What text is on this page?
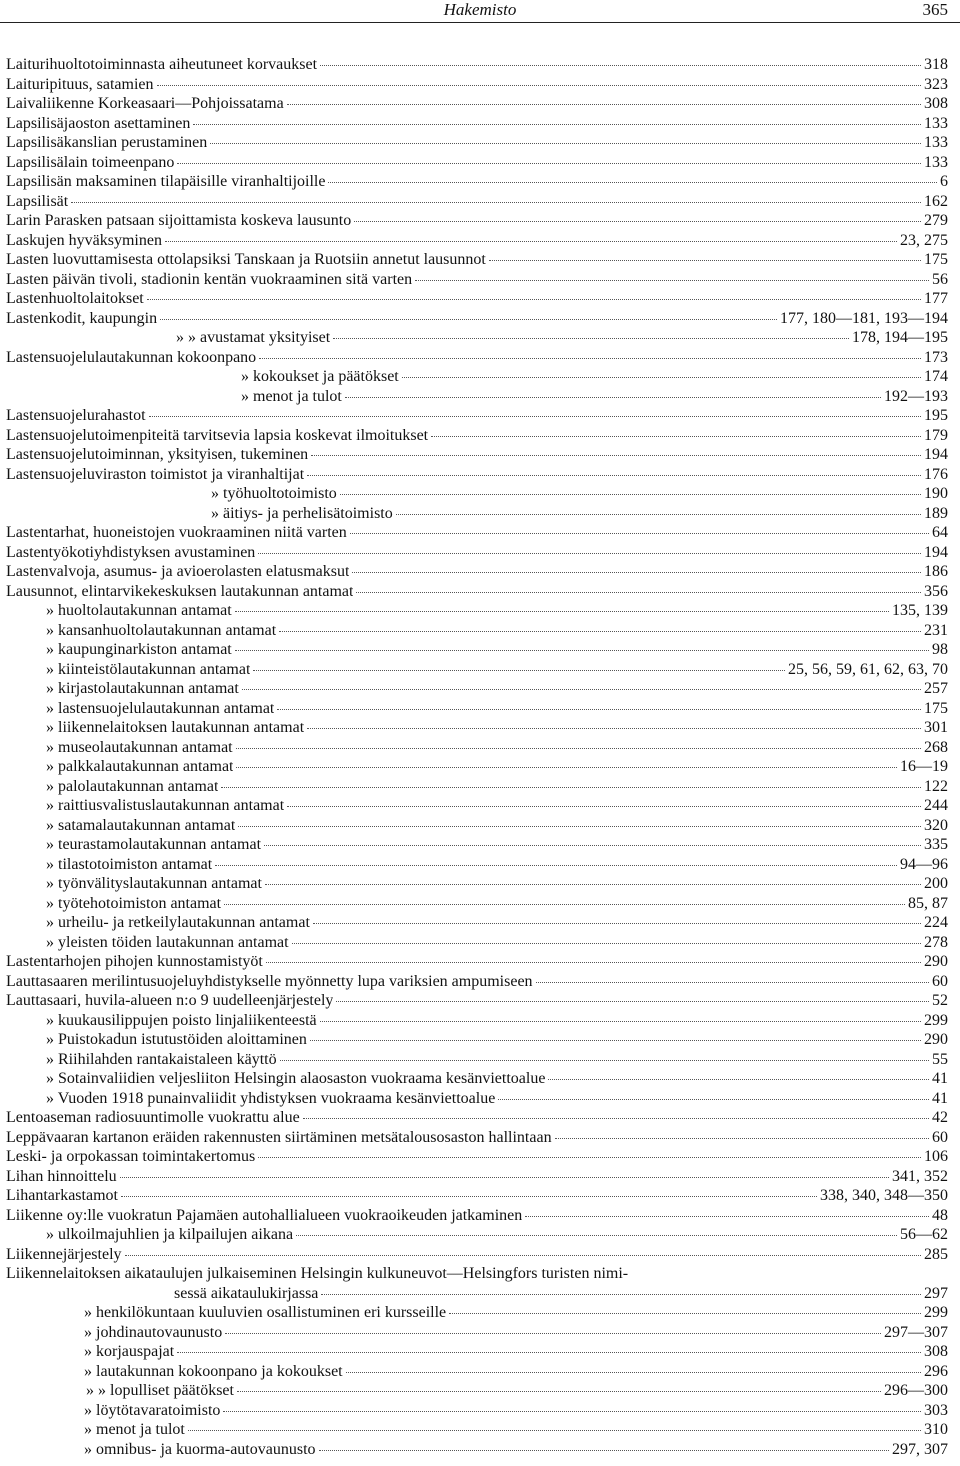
Hakemisto	365
Laiturihuoltotoiminnasta aiheutuneet korvaukset	318
Laituripituus, satamien	323
Laivaliikenne Korkeasaari—Pohjoissatama	308
Lapsilisäjaoston asettaminen	133
Lapsilisäkanslian perustaminen	133
Lapsilisälain toimeenpano	133
Lapsilisän maksaminen tilapäisille viranhaltijoille	6
Lapsilisät	162
Larin Parasken patsaan sijoittamista koskeva lausunto	279
Laskujen hyväksyminen	23, 275
Lasten luovuttamisesta ottolapsiksi Tanskaan ja Ruotsiin annetut lausunnot	175
Lasten päivän tivoli, stadionin kentän vuokraaminen sitä varten	56
Lastenhuoltolaitokset	177
Lastenkodit, kaupungin	177, 180—181, 193—194
» » avustamat yksityiset	178, 194—195
Lastensuojelulautakunnan kokoonpano	173
» kokoukset ja päätökset	174
» menot ja tulot	192—193
Lastensuojelurahastot	195
Lastensuojelutoimenpiteitä tarvitsevia lapsia koskevat ilmoitukset	179
Lastensuojelutoiminnan, yksityisen, tukeminen	194
Lastensuojeluviraston toimistot ja viranhaltijat	176
» työhuoltotoimisto	190
» äitiys- ja perhelisätoimisto	189
Lastentarhat, huoneistojen vuokraaminen niitä varten	64
Lastentyökotiyhdistyksen avustaminen	194
Lastenvalvoja, asumus- ja avioerolasten elatusmaksut	186
Lausunnot, elintarvikekeskuksen lautakunnan antamat	356
» huoltolautakunnan antamat	135, 139
» kansanhuoltolautakunnan antamat	231
» kaupunginarkiston antamat	98
» kiinteistölautakunnan antamat	25, 56, 59, 61, 62, 63, 70
» kirjastolautakunnan antamat	257
» lastensuojelulautakunnan antamat	175
» liikennelaitoksen lautakunnan antamat	301
» museolautakunnan antamat	268
» palkkalautakunnan antamat	16—19
» palolautakunnan antamat	122
» raittiusvalistuslautakunnan antamat	244
» satamalautakunnan antamat	320
» teurastamolautakunnan antamat	335
» tilastotoimiston antamat	94—96
» työnvälityslautakunnan antamat	200
» työtehotoimiston antamat	85, 87
» urheilu- ja retkeilylautakunnan antamat	224
» yleisten töiden lautakunnan antamat	278
Lastentarhojen pihojen kunnostamistyöt	290
Lauttasaaren merilintusuojeluyhdistykselle myönnetty lupa variksien ampumiseen	60
Lauttasaari, huvila-alueen n:o 9 uudelleenjärjestely	52
» kuukausilippujen poisto linjaliikenteestä	299
» Puistokadun istutustöiden aloittaminen	290
» Riihilahden rantakaistaleen käyttö	55
» Sotainvaliidien veljesliiton Helsingin alaosaston vuokraama kesänviettoalue	41
» Vuoden 1918 punainvaliidit yhdistyksen vuokraama kesänviettoalue	41
Lentoaseman radiosuuntimolle vuokrattu alue	42
Leppävaaran kartanon eräiden rakennusten siirtäminen metsätalousosaston hallintaan	60
Leski- ja orpokassan toimintakertomus	106
Lihan hinnoittelu	341, 352
Lihantarkastamot	338, 340, 348—350
Liikenne oy:lle vuokratun Pajamäen autohallialueen vuokraoikeuden jatkaminen	48
» ulkoilmajuhlien ja kilpailujen aikana	56—62
Liikennejärjestely	285
Liikennelaitoksen aikataulujen julkaiseminen Helsingin kulkuneuvot—Helsingfors turisten nimi-
sessä aikataulukirjassa	297
» henkilökuntaan kuuluvien osallistuminen eri kursseille	299
» johdinautovaunusto	297—307
» korjauspajat	308
» lautakunnan kokoonpano ja kokoukset	296
» » lopulliset päätökset	296—300
» löytötavaratoimisto	303
» menot ja tulot	310
» omnibus- ja kuorma-autovaunusto	297, 307
